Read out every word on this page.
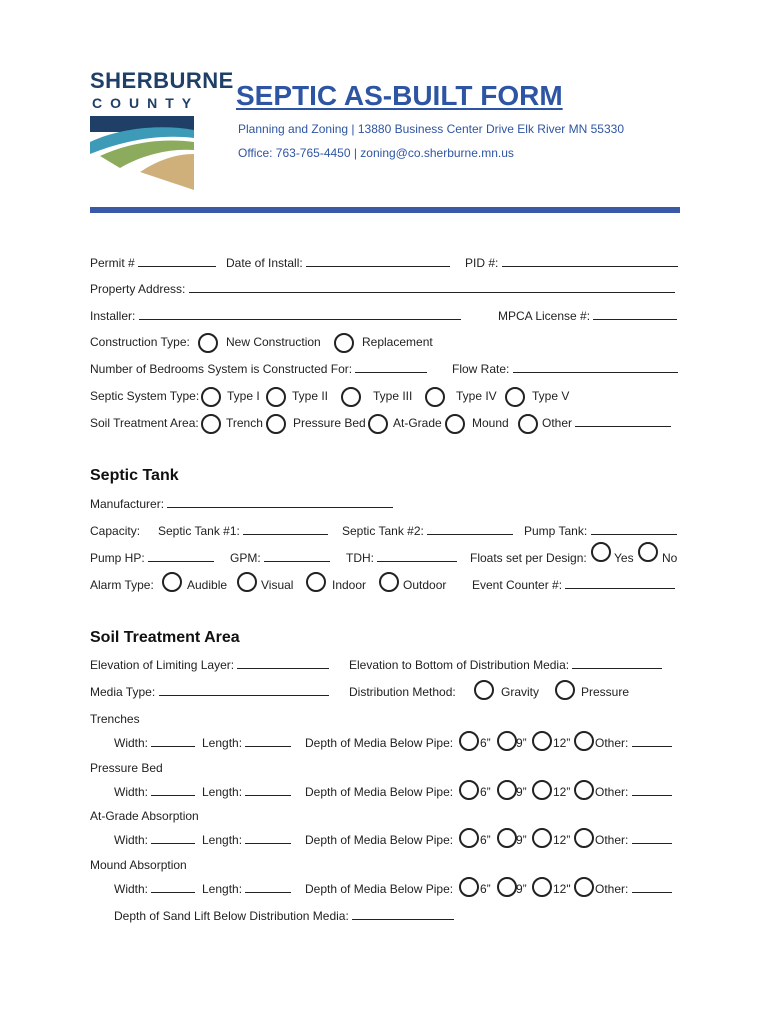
SHERBURNE
COUNTY SEPTIC AS-BUILT FORM
Planning and Zoning | 13880 Business Center Drive Elk River MN 55330
Office: 763-765-4450 | zoning@co.sherburne.mn.us
Permit #	Date of Install:	PID #:
Property Address:
Installer:	MPCA License #:
Construction Type:	New Construction	Replacement
Number of Bedrooms System is Constructed For:	Flow Rate:
Septic System Type: Type I	Type II	Type III	Type IV	Type V
Soil Treatment Area: Trench	Pressure Bed At-Grade	Mound	Other
Septic Tank
Manufacturer:
Capacity: Septic Tank #1:	Septic Tank #2:	Pump Tank:
Pump HP:	GPM:	TDH:	Floats set per Design: Yes No
Alarm Type:	Audible	Visual	Indoor	Outdoor Event Counter #:
Soil Treatment Area
Elevation of Limiting Layer:	Elevation to Bottom of Distribution Media:
Media Type:	Distribution Method:	Gravity	Pressure
Trenches
Width:	Length:	Depth of Media Below Pipe: 6” 9” 12” Other:
Pressure Bed
Width:	Length:	Depth of Media Below Pipe: 6” 9” 12” Other:
At-Grade Absorption
Width:	Length:	Depth of Media Below Pipe: 6” 9” 12” Other:
Mound Absorption
Width:	Length:	Depth of Media Below Pipe: 6” 9” 12" Other:
Depth of Sand Lift Below Distribution Media:
